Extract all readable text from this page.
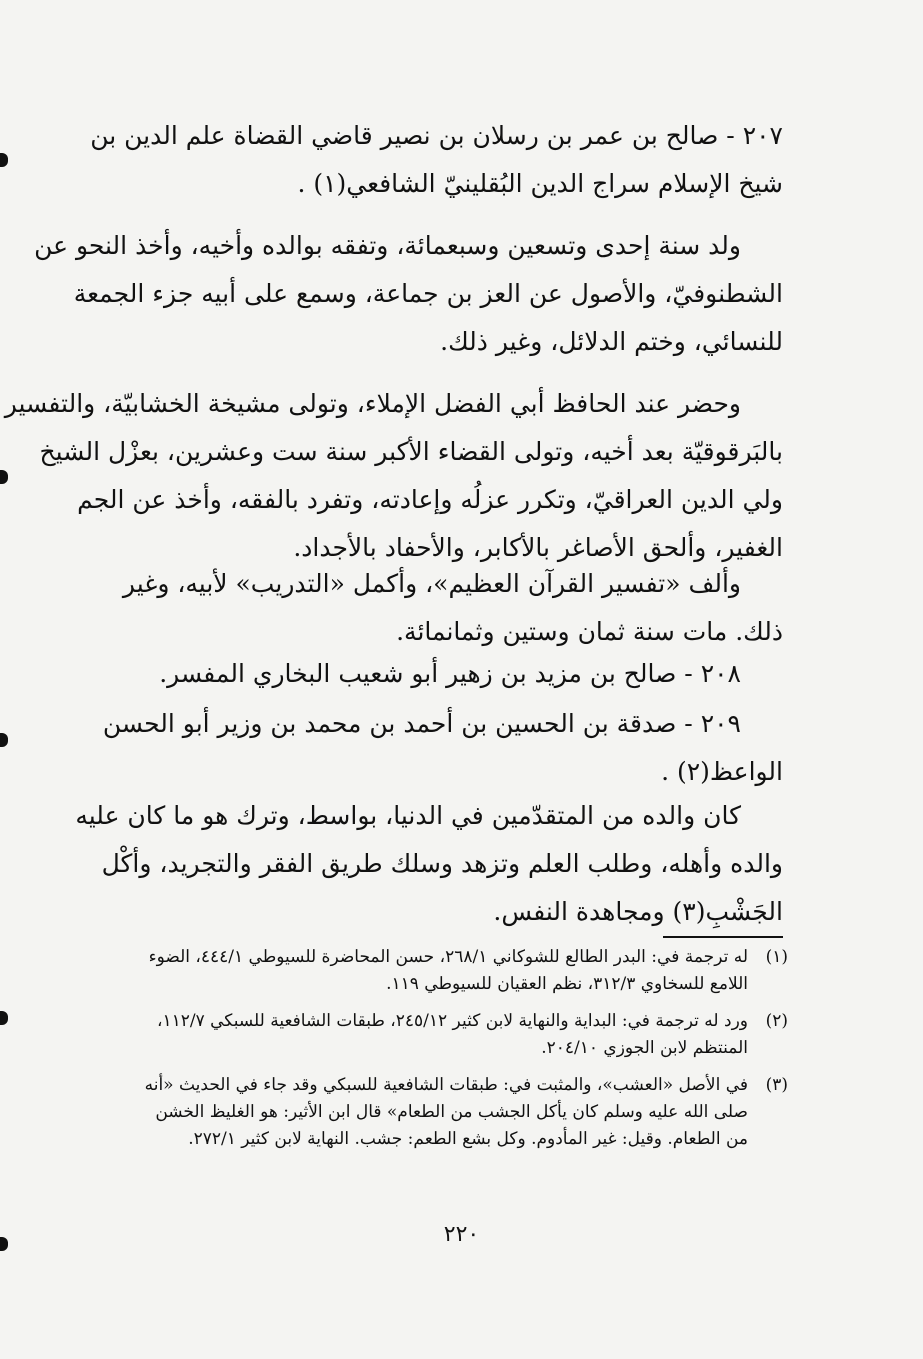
٢٠٧ - صالح بن عمر بن رسلان بن نصير قاضي القضاة علم الدين بن
شيخ الإسلام سراج الدين البُقلينيّ الشافعي(١) .
ولد سنة إحدى وتسعين وسبعمائة، وتفقه بوالده وأخيه، وأخذ النحو عن
الشطنوفيّ، والأصول عن العز بن جماعة، وسمع على أبيه جزء الجمعة
للنسائي، وختم الدلائل، وغير ذلك.
وحضر عند الحافظ أبي الفضل الإملاء، وتولى مشيخة الخشابيّة، والتفسير
بالبَرقوقيّة بعد أخيه، وتولى القضاء الأكبر سنة ست وعشرين، بعزْل الشيخ
ولي الدين العراقيّ، وتكرر عزلُه وإعادته، وتفرد بالفقه، وأخذ عن الجم
الغفير، وألحق الأصاغر بالأكابر، والأحفاد بالأجداد.
وألف «تفسير القرآن العظيم»، وأكمل «التدريب» لأبيه، وغير
ذلك. مات سنة ثمان وستين وثمانمائة.
٢٠٨ - صالح بن مزيد بن زهير أبو شعيب البخاري المفسر.
٢٠٩ - صدقة بن الحسين بن أحمد بن محمد بن وزير أبو الحسن
الواعظ(٢) .
كان والده من المتقدّمين في الدنيا، بواسط، وترك هو ما كان عليه
والده وأهله، وطلب العلم وتزهد وسلك طريق الفقر والتجريد، وأكْل
الجَشْبِ(٣) ومجاهدة النفس.
(١)
له ترجمة في: البدر الطالع للشوكاني ٢٦٨/١، حسن المحاضرة للسيوطي ٤٤٤/١، الضوء
اللامع للسخاوي ٣١٢/٣، نظم العقيان للسيوطي ١١٩.
(٢)
ورد له ترجمة في: البداية والنهاية لابن كثير ٢٤٥/١٢، طبقات الشافعية للسبكي ١١٢/٧،
المنتظم لابن الجوزي ٢٠٤/١٠.
(٣)
في الأصل «العشب»، والمثبت في: طبقات الشافعية للسبكي وقد جاء في الحديث «أنه
صلى الله عليه وسلم كان يأكل الجشب من الطعام» قال ابن الأثير: هو الغليظ الخشن
من الطعام. وقيل: غير المأدوم. وكل بشع الطعم: جشب. النهاية لابن كثير ٢٧٢/١.
٢٢٠
